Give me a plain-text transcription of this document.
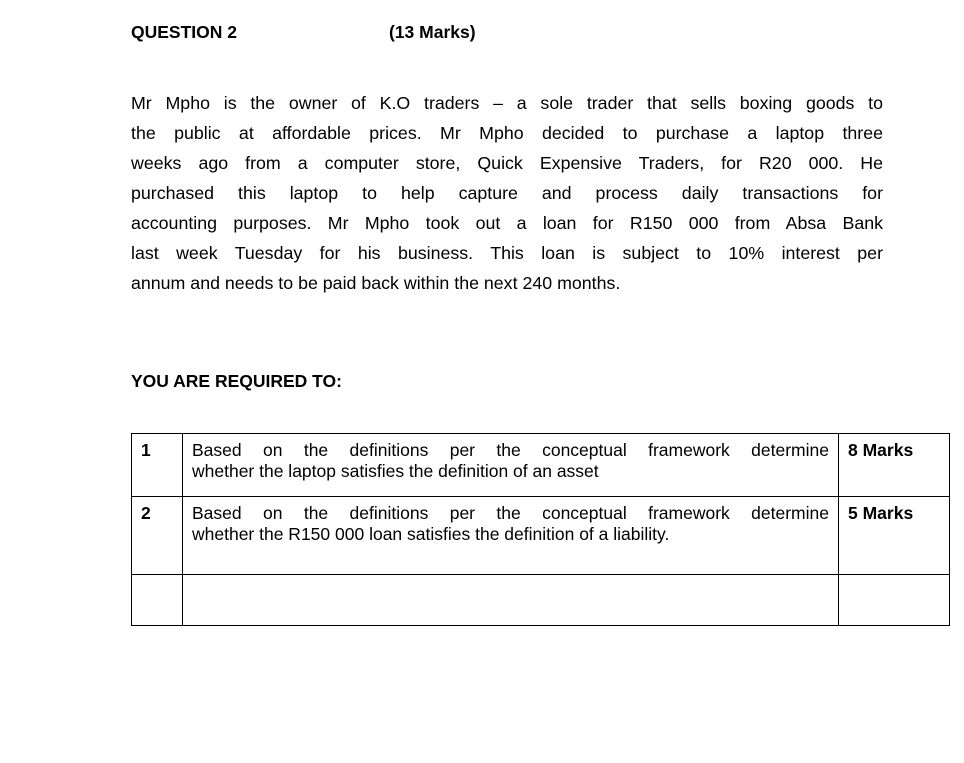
QUESTION 2	(13 Marks)
Mr Mpho is the owner of K.O traders – a sole trader that sells boxing goods to
the public at affordable prices. Mr Mpho decided to purchase a laptop three
weeks ago from a computer store, Quick Expensive Traders, for R20 000. He
purchased this laptop to help capture and process daily transactions for
accounting purposes. Mr Mpho took out a loan for R150 000 from Absa Bank
last week Tuesday for his business. This loan is subject to 10% interest per
annum and needs to be paid back within the next 240 months.
YOU ARE REQUIRED TO:
1	Based on the definitions per the conceptual framework determine
whether the laptop satisfies the definition of an asset	8 Marks
2	Based on the definitions per the conceptual framework determine
whether the R150 000 loan satisfies the definition of a liability.	5 Marks
